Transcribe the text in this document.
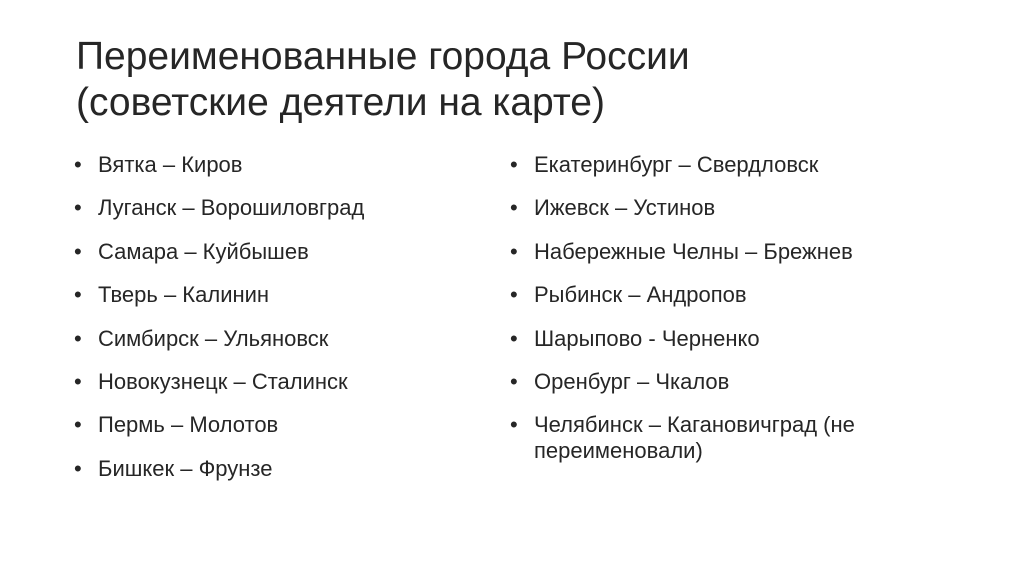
Переименованные города России
(советские деятели на карте)
• Вятка – Киров
• Луганск – Ворошиловград
• Самара – Куйбышев
• Тверь – Калинин
• Симбирск – Ульяновск
• Новокузнецк – Сталинск
• Пермь – Молотов
• Бишкек – Фрунзе
• Екатеринбург – Свердловск
• Ижевск – Устинов
• Набережные Челны – Брежнев
• Рыбинск – Андропов
• Шарыпово - Черненко
• Оренбург – Чкалов
• Челябинск – Кагановичград (не переименовали)
